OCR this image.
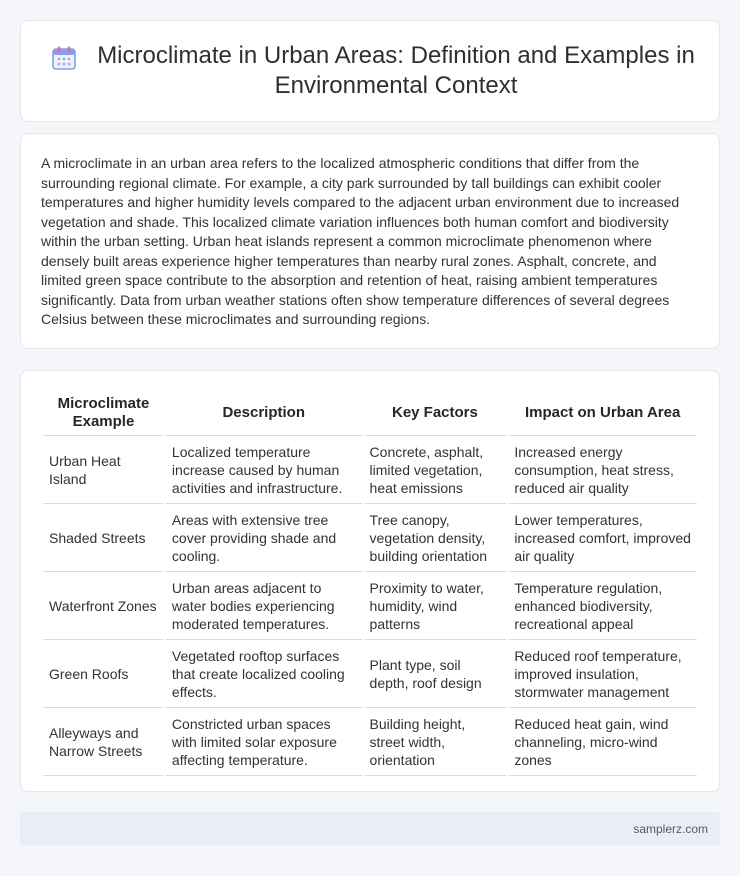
Microclimate in Urban Areas: Definition and Examples in Environmental Context

A microclimate in an urban area refers to the localized atmospheric conditions that differ from the surrounding regional climate. For example, a city park surrounded by tall buildings can exhibit cooler temperatures and higher humidity levels compared to the adjacent urban environment due to increased vegetation and shade. This localized climate variation influences both human comfort and biodiversity within the urban setting. Urban heat islands represent a common microclimate phenomenon where densely built areas experience higher temperatures than nearby rural zones. Asphalt, concrete, and limited green space contribute to the absorption and retention of heat, raising ambient temperatures significantly. Data from urban weather stations often show temperature differences of several degrees Celsius between these microclimates and surrounding regions.

Microclimate Example	Description	Key Factors	Impact on Urban Area
Urban Heat Island	Localized temperature increase caused by human activities and infrastructure.	Concrete, asphalt, limited vegetation, heat emissions	Increased energy consumption, heat stress, reduced air quality
Shaded Streets	Areas with extensive tree cover providing shade and cooling.	Tree canopy, vegetation density, building orientation	Lower temperatures, increased comfort, improved air quality
Waterfront Zones	Urban areas adjacent to water bodies experiencing moderated temperatures.	Proximity to water, humidity, wind patterns	Temperature regulation, enhanced biodiversity, recreational appeal
Green Roofs	Vegetated rooftop surfaces that create localized cooling effects.	Plant type, soil depth, roof design	Reduced roof temperature, improved insulation, stormwater management
Alleyways and Narrow Streets	Constricted urban spaces with limited solar exposure affecting temperature.	Building height, street width, orientation	Reduced heat gain, wind channeling, micro-wind zones
samplerz.com
